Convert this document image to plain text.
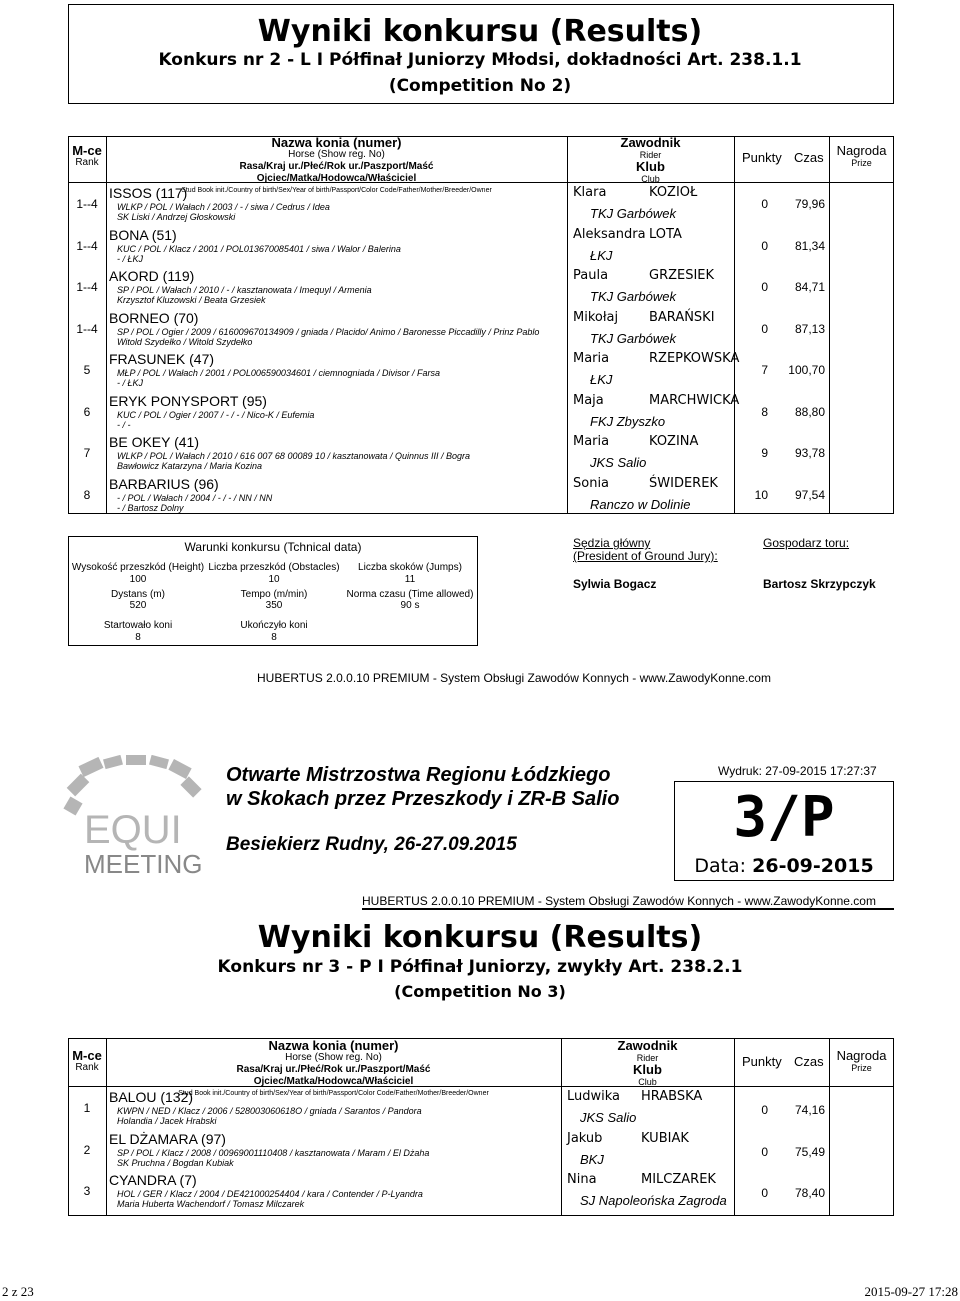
Wyniki konkursu (Results)
Konkurs nr 2 - L I Półfinał Juniorzy Młodsi, dokładności Art. 238.1.1
(Competition No 2)
M-ce
Rank
Nazwa konia (numer)
Horse (Show reg. No)
Rasa/Kraj ur./Płeć/Rok ur./Paszport/Maść
Ojciec/Matka/Hodowca/Właściciel
Stud Book init./Country of birth/Sex/Year of birth/Passport/Color Code/Father/Mother/Breeder/Owner
Zawodnik
Rider
Klub
Club
Punkty Czas Nagroda
Prize
1--4
ISSOS (117)
WLKP / POL / Wałach / 2003 / - / siwa / Cedrus / Idea
SK Liski / Andrzej Głoskowski
Klara	KOZIOŁ
TKJ Garbówek
0	79,96
1--4
BONA (51)
KUC / POL / Klacz / 2001 / POL013670085401 / siwa / Walor / Balerina
- / ŁKJ
Aleksandra LOTA
ŁKJ
0	81,34
1--4
AKORD (119)
SP / POL / Wałach / 2010 / - / kasztanowata / Imequyl / Armenia
Krzysztof Kluzowski / Beata Grzesiek
Paula	GRZESIEK
TKJ Garbówek
0	84,71
1--4
BORNEO (70)
SP / POL / Ogier / 2009 / 616009670134909 / gniada / Placido/ Animo / Baronesse Piccadilly / Prinz Pablo
Witold Szydełko / Witold Szydełko
Mikołaj BARAŃSKI
TKJ Garbówek
0	87,13
5
FRASUNEK (47)
MŁP / POL / Wałach / 2001 / POL006590034601 / ciemnogniada / Divisor / Farsa
- / ŁKJ
Maria	RZEPKOWSKA
ŁKJ
7	100,70
6
ERYK PONYSPORT (95)
KUC / POL / Ogier / 2007 / - / - / Nico-K / Eufemia
- / -
Maja	MARCHWICKA
FKJ Zbyszko
8	88,80
7
BE OKEY (41)
WLKP / POL / Wałach / 2010 / 616 007 68 00089 10 / kasztanowata / Quinnus III / Bogra
Bawłowicz Katarzyna / Maria Kozina
Maria	KOZINA
JKS Salio
9	93,78
8
BARBARIUS (96)
- / POL / Wałach / 2004 / - / - / NN / NN
- / Bartosz Dolny
Sonia	ŚWIDEREK
Ranczo w Dolinie
10	97,54
Warunki konkursu (Tchnical data)
Wysokość przeszkód (Height)
100
Liczba przeszkód (Obstacles)
10
Liczba skoków (Jumps)
11
Dystans (m)
520
Tempo (m/min)
350
Norma czasu (Time allowed)
90 s
Startowało koni
8
Ukończyło koni
8
Sędzia główny
(President of Ground Jury):
Sylwia Bogacz
Gospodarz toru:
Bartosz Skrzypczyk
HUBERTUS 2.0.0.10 PREMIUM - System Obsługi Zawodów Konnych - www.ZawodyKonne.com
EQUI
MEETING
Otwarte Mistrzostwa Regionu Łódzkiego
w Skokach przez Przeszkody i ZR-B Salio
Besiekierz Rudny, 26-27.09.2015
Wydruk: 27-09-2015 17:27:37
3/P
Data: 26-09-2015
HUBERTUS 2.0.0.10 PREMIUM - System Obsługi Zawodów Konnych - www.ZawodyKonne.com
Wyniki konkursu (Results)
Konkurs nr 3 - P I Półfinał Juniorzy, zwykły Art. 238.2.1
(Competition No 3)
M-ce
Rank
Nazwa konia (numer)
Horse (Show reg. No)
Rasa/Kraj ur./Płeć/Rok ur./Paszport/Maść
Ojciec/Matka/Hodowca/Właściciel
Stud Book init./Country of birth/Sex/Year of birth/Passport/Color Code/Father/Mother/Breeder/Owner
Zawodnik
Rider
Klub
Club
Punkty Czas Nagroda
Prize
1
BALOU (132)
KWPN / NED / Klacz / 2006 / 528003060618O / gniada / Sarantos / Pandora
Holandia / Jacek Hrabski
Ludwika HRABSKA
JKS Salio	0	74,16
2
EL DŻAMARA (97)
SP / POL / Klacz / 2008 / 00969001110408 / kasztanowata / Maram / El Dżaha
SK Pruchna / Bogdan Kubiak
Jakub	KUBIAK
BKJ	0	75,49
3
CYANDRA (7)
HOL / GER / Klacz / 2004 / DE421000254404 / kara / Contender / P-Lyandra
Maria Huberta Wachendorf / Tomasz Milczarek
Nina	MILCZAREK
SJ Napoleońska Zagroda	0	78,40
2 z 23	2015-09-27 17:28
